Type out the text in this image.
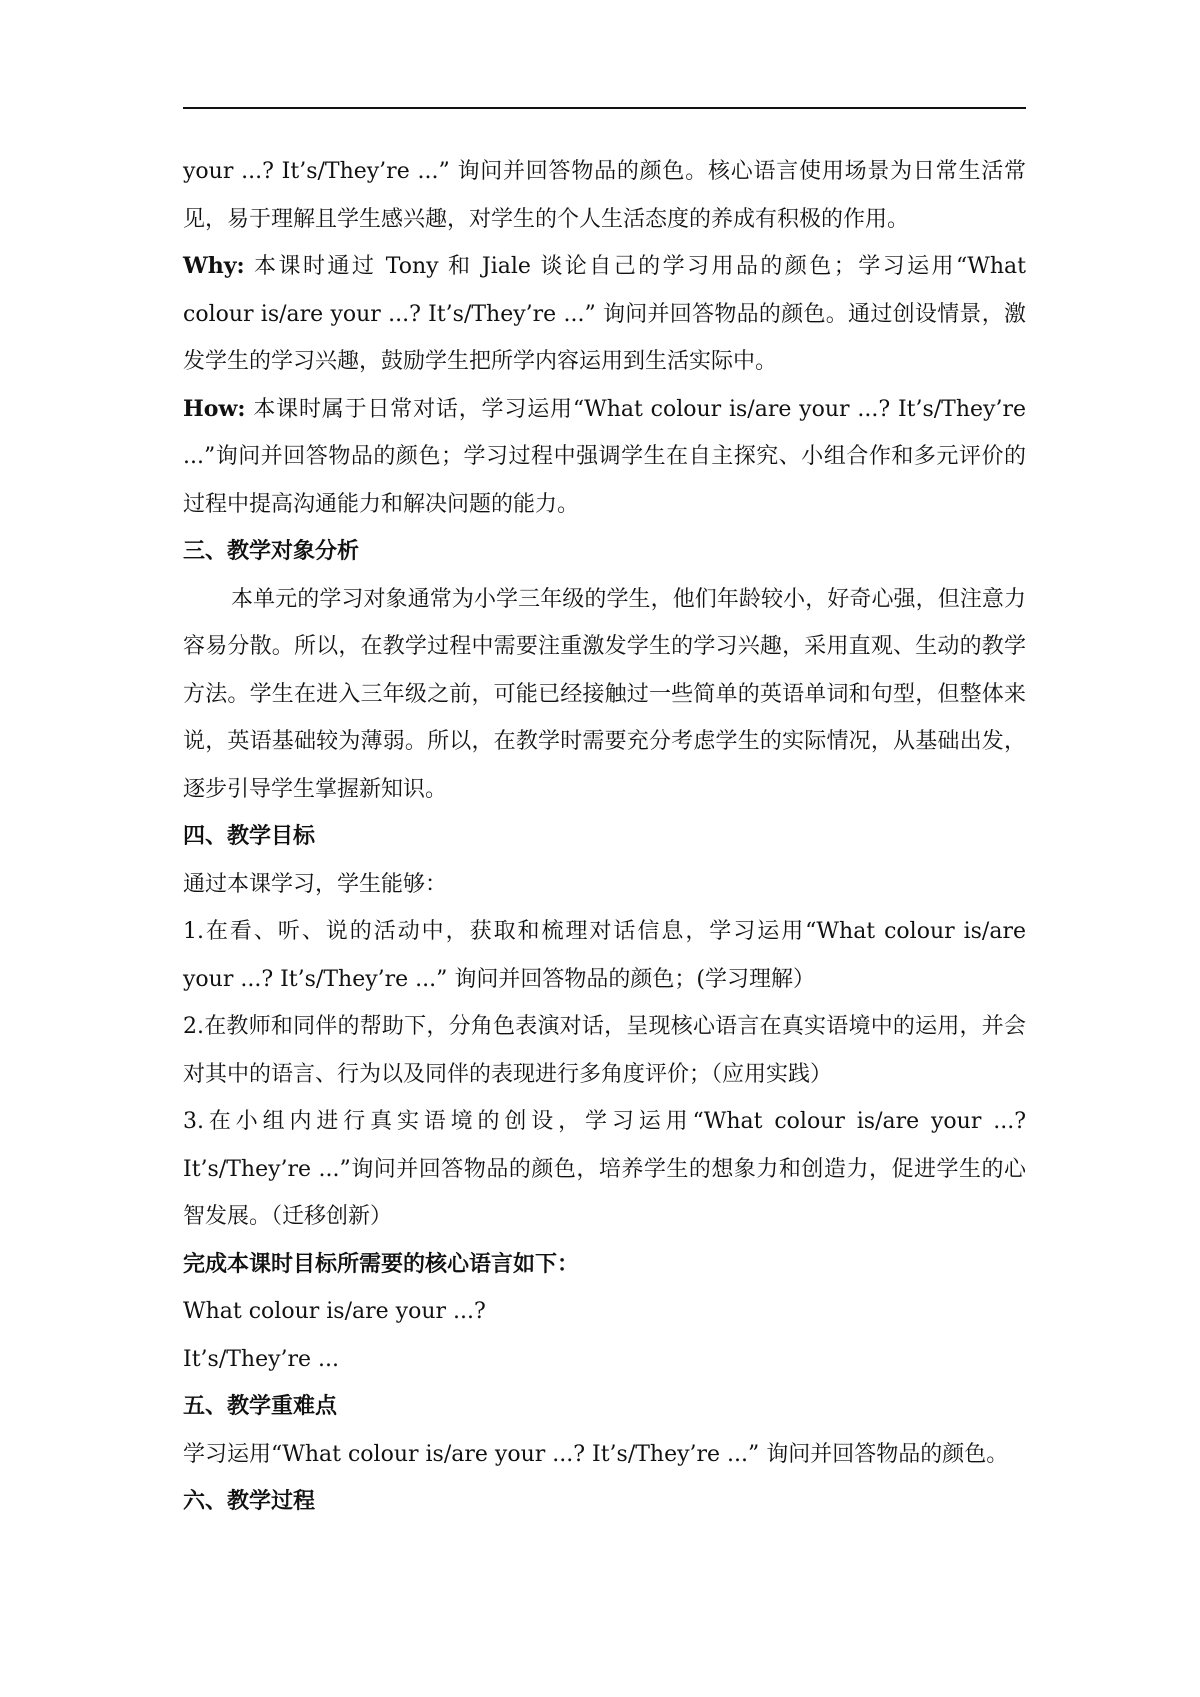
your ...? It’s/They’re ...” 询问并回答物品的颜色。核心语言使用场景为日常生活常见，易于理解且学生感兴趣，对学生的个人生活态度的养成有积极的作用。

Why: 本课时通过 Tony 和 Jiale 谈论自己的学习用品的颜色；学习运用“What colour is/are your ...? It’s/They’re ...” 询问并回答物品的颜色。通过创设情景，激发学生的学习兴趣，鼓励学生把所学内容运用到生活实际中。

How: 本课时属于日常对话，学习运用“What colour is/are your ...? It’s/They’re ...”询问并回答物品的颜色；学习过程中强调学生在自主探究、小组合作和多元评价的过程中提高沟通能力和解决问题的能力。

三、教学对象分析

本单元的学习对象通常为小学三年级的学生，他们年龄较小，好奇心强，但注意力容易分散。所以，在教学过程中需要注重激发学生的学习兴趣，采用直观、生动的教学方法。学生在进入三年级之前，可能已经接触过一些简单的英语单词和句型，但整体来说，英语基础较为薄弱。所以，在教学时需要充分考虑学生的实际情况，从基础出发，逐步引导学生掌握新知识。

四、教学目标

通过本课学习，学生能够：

1.在看、听、说的活动中，获取和梳理对话信息，学习运用“What colour is/are your ...? It’s/They’re ...” 询问并回答物品的颜色；(学习理解）

2.在教师和同伴的帮助下，分角色表演对话，呈现核心语言在真实语境中的运用，并会对其中的语言、行为以及同伴的表现进行多角度评价；（应用实践）

3.在小组内进行真实语境的创设，学习运用“What colour is/are your ...? It’s/They’re ...”询问并回答物品的颜色，培养学生的想象力和创造力，促进学生的心智发展。（迁移创新）

完成本课时目标所需要的核心语言如下：

What colour is/are your ...?

It’s/They’re ...

五、教学重难点

学习运用“What colour is/are your ...? It’s/They’re ...” 询问并回答物品的颜色。

六、教学过程
